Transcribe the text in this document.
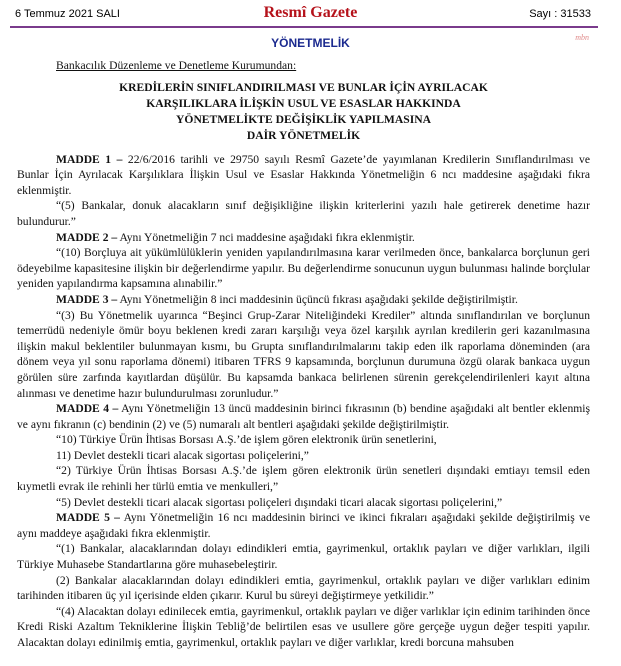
6 Temmuz 2021 SALI	Resmî Gazete	Sayı : 31533
mbn
YÖNETMELİK

Bankacılık Düzenleme ve Denetleme Kurumundan:

KREDİLERİN SINIFLANDIRILMASI VE BUNLAR İÇİN AYRILACAK
KARŞILIKLARA İLİŞKİN USUL VE ESASLAR HAKKINDA
YÖNETMELİKTE DEĞİŞİKLİK YAPILMASINA
DAİR YÖNETMELİK

MADDE 1 – 22/6/2016 tarihli ve 29750 sayılı Resmî Gazete’de yayımlanan Kredilerin Sınıflandırılması ve Bunlar İçin Ayrılacak Karşılıklara İlişkin Usul ve Esaslar Hakkında Yönetmeliğin 6 ncı maddesine aşağıdaki fıkra eklenmiştir.

“(5) Bankalar, donuk alacakların sınıf değişikliğine ilişkin kriterlerini yazılı hale getirerek denetime hazır bulundurur.”

MADDE 2 – Aynı Yönetmeliğin 7 nci maddesine aşağıdaki fıkra eklenmiştir.

“(10) Borçluya ait yükümlülüklerin yeniden yapılandırılmasına karar verilmeden önce, bankalarca borçlunun geri ödeyebilme kapasitesine ilişkin bir değerlendirme yapılır. Bu değerlendirme sonucunun uygun bulunması halinde borçlular yeniden yapılandırma kapsamına alınabilir.”

MADDE 3 – Aynı Yönetmeliğin 8 inci maddesinin üçüncü fıkrası aşağıdaki şekilde değiştirilmiştir.

“(3) Bu Yönetmelik uyarınca “Beşinci Grup-Zarar Niteliğindeki Krediler” altında sınıflandırılan ve borçlunun temerrüdü nedeniyle ömür boyu beklenen kredi zararı karşılığı veya özel karşılık ayrılan kredilerin geri kazanılmasına ilişkin makul beklentiler bulunmayan kısmı, bu Grupta sınıflandırılmalarını takip eden ilk raporlama döneminden (ara dönem veya yıl sonu raporlama dönemi) itibaren TFRS 9 kapsamında, borçlunun durumuna özgü olarak bankaca uygun görülen süre zarfında kayıtlardan düşülür. Bu kapsamda bankaca belirlenen sürenin gerekçelendirilenleri kayıt altına alınması ve denetime hazır bulundurulması zorunludur.”

MADDE 4 – Aynı Yönetmeliğin 13 üncü maddesinin birinci fıkrasının (b) bendine aşağıdaki alt bentler eklenmiş ve aynı fıkranın (c) bendinin (2) ve (5) numaralı alt bentleri aşağıdaki şekilde değiştirilmiştir.

“10) Türkiye Ürün İhtisas Borsası A.Ş.’de işlem gören elektronik ürün senetlerini,

11) Devlet destekli ticari alacak sigortası poliçelerini,”

“2) Türkiye Ürün İhtisas Borsası A.Ş.’de işlem gören elektronik ürün senetleri dışındaki emtiayı temsil eden kıymetli evrak ile rehinli her türlü emtia ve menkulleri,”

“5) Devlet destekli ticari alacak sigortası poliçeleri dışındaki ticari alacak sigortası poliçelerini,”

MADDE 5 – Aynı Yönetmeliğin 16 ncı maddesinin birinci ve ikinci fıkraları aşağıdaki şekilde değiştirilmiş ve aynı maddeye aşağıdaki fıkra eklenmiştir.

“(1) Bankalar, alacaklarından dolayı edindikleri emtia, gayrimenkul, ortaklık payları ve diğer varlıkları, ilgili Türkiye Muhasebe Standartlarına göre muhasebeleştirir.

(2) Bankalar alacaklarından dolayı edindikleri emtia, gayrimenkul, ortaklık payları ve diğer varlıkları edinim tarihinden itibaren üç yıl içerisinde elden çıkarır. Kurul bu süreyi değiştirmeye yetkilidir.”

“(4) Alacaktan dolayı edinilecek emtia, gayrimenkul, ortaklık payları ve diğer varlıklar için edinim tarihinden önce Kredi Riski Azaltım Tekniklerine İlişkin Tebliğ’de belirtilen esas ve usullere göre gerçeğe uygun değer tespiti yapılır. Alacaktan dolayı edinilmiş emtia, gayrimenkul, ortaklık payları ve diğer varlıklar, kredi borcuna mahsuben
